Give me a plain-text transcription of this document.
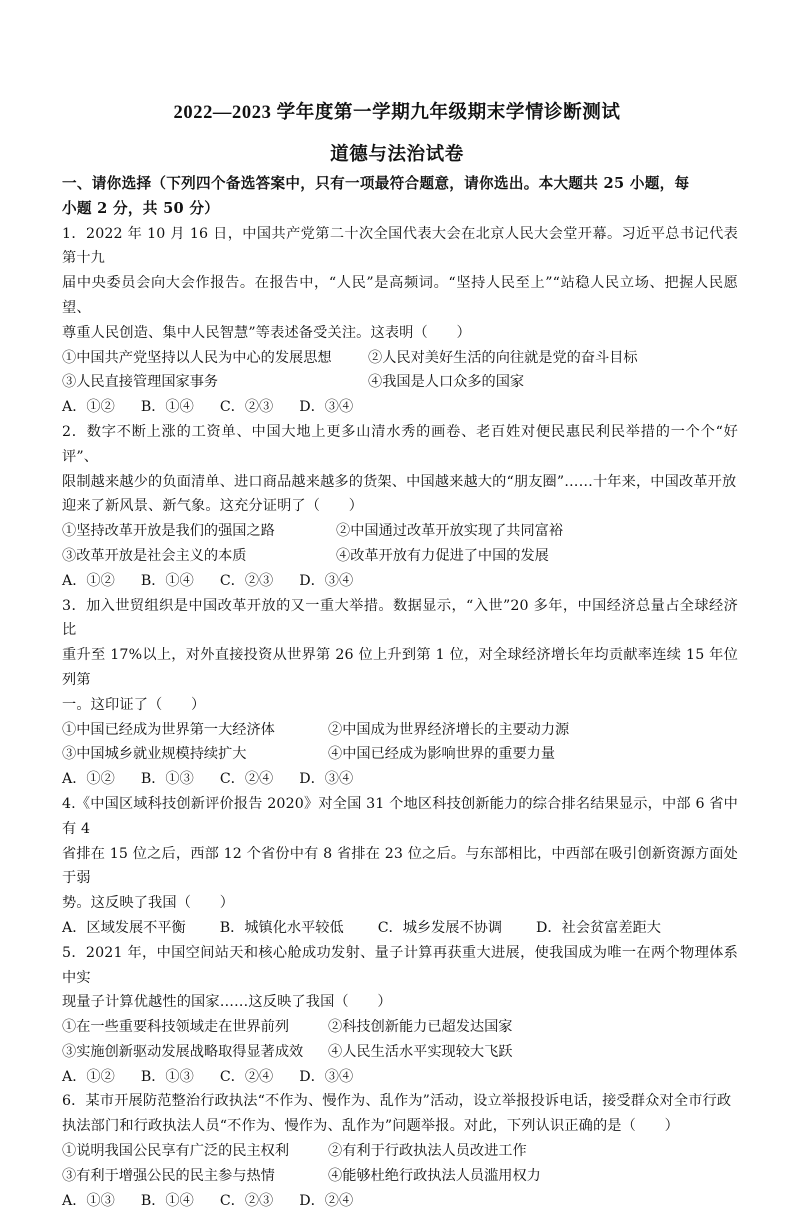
2022—2023 学年度第一学期九年级期末学情诊断测试
道德与法治试卷
一、请你选择（下列四个备选答案中，只有一项最符合题意，请你选出。本大题共 25 小题，每
小题 2 分，共 50 分）
1．2022 年 10 月 16 日，中国共产党第二十次全国代表大会在北京人民大会堂开幕。习近平总书记代表第十九
届中央委员会向大会作报告。在报告中，“人民”是高频词。“坚持人民至上”“站稳人民立场、把握人民愿望、
尊重人民创造、集中人民智慧”等表述备受关注。这表明（　　）
①中国共产党坚持以人民为中心的发展思想	②人民对美好生活的向往就是党的奋斗目标
③人民直接管理国家事务	④我国是人口众多的国家
A．①② B．①④ C．②③ D．③④
2．数字不断上涨的工资单、中国大地上更多山清水秀的画卷、老百姓对便民惠民利民举措的一个个“好评”、
限制越来越少的负面清单、进口商品越来越多的货架、中国越来越大的“朋友圈”……十年来，中国改革开放
迎来了新风景、新气象。这充分证明了（　　）
①坚持改革开放是我们的强国之路	②中国通过改革开放实现了共同富裕
③改革开放是社会主义的本质	④改革开放有力促进了中国的发展
A．①② B．①④ C．②③ D．③④
3．加入世贸组织是中国改革开放的又一重大举措。数据显示，“入世”20 多年，中国经济总量占全球经济比
重升至 17%以上，对外直接投资从世界第 26 位上升到第 1 位，对全球经济增长年均贡献率连续 15 年位列第
一。这印证了（　　）
①中国已经成为世界第一大经济体	②中国成为世界经济增长的主要动力源
③中国城乡就业规模持续扩大	④中国已经成为影响世界的重要力量
A．①② B．①③ C．②④ D．③④
4.《中国区域科技创新评价报告 2020》对全国 31 个地区科技创新能力的综合排名结果显示，中部 6 省中有 4
省排在 15 位之后，西部 12 个省份中有 8 省排在 23 位之后。与东部相比，中西部在吸引创新资源方面处于弱
势。这反映了我国（　　）
A．区域发展不平衡 B．城镇化水平较低 C．城乡发展不协调 D．社会贫富差距大
5．2021 年，中国空间站天和核心舱成功发射、量子计算再获重大进展，使我国成为唯一在两个物理体系中实
现量子计算优越性的国家……这反映了我国（　　）
①在一些重要科技领域走在世界前列	②科技创新能力已超发达国家
③实施创新驱动发展战略取得显著成效	④人民生活水平实现较大飞跃
A．①② B．①③ C．②④ D．③④
6．某市开展防范整治行政执法“不作为、慢作为、乱作为”活动，设立举报投诉电话，接受群众对全市行政
执法部门和行政执法人员“不作为、慢作为、乱作为”问题举报。对此，下列认识正确的是（　　）
①说明我国公民享有广泛的民主权利	②有利于行政执法人员改进工作
③有利于增强公民的民主参与热情	④能够杜绝行政执法人员滥用权力
A．①③ B．①④ C．②③ D．②④
